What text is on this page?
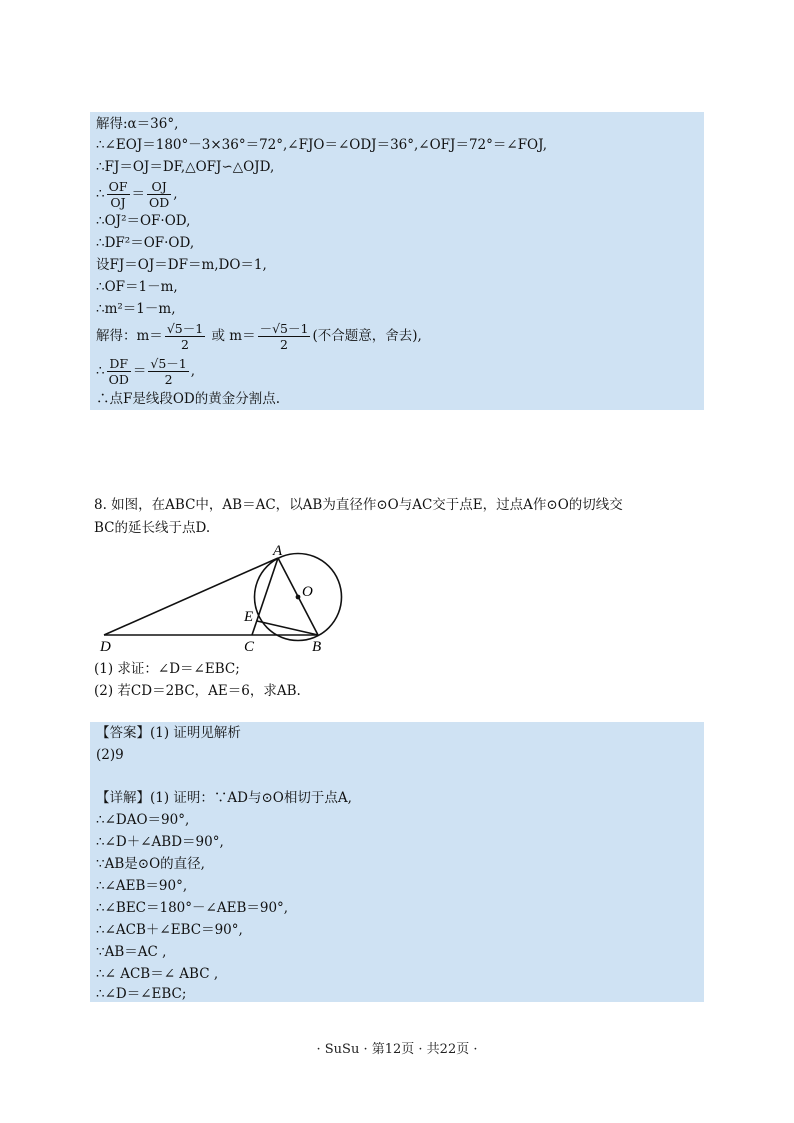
解得:α＝36°,
∴∠EOJ＝180°－3×36°＝72°,∠FJO＝∠ODJ＝36°,∠OFJ＝72°＝∠FOJ,
∴FJ＝OJ＝DF,△OFJ∽△OJD,
∴ $\frac{OF}{OJ} = \frac{OJ}{OD}$ ,
∴OJ²＝OF·OD,
∴DF²＝OF·OD,
设FJ＝OJ＝DF＝m,DO＝1,
∴OF＝1－m,
∴m²＝1－m,
解得：$m= \frac{√5-1}{2}$ 或 $m= \frac{-√5-1}{2}$ (不合题意，舍去),
∴ $\frac{DF}{OD} = \frac{√5-1}{2}$ ,
∴点F是线段OD的黄金分割点.
8. 如图，在ABC中，AB＝AC，以AB为直径作⊙O与AC交于点E，过点A作⊙O的切线交
BC的延长线于点D.
A
O
E
D	C	B
(1) 求证：∠D＝∠EBC;
(2) 若CD＝2BC，AE＝6，求AB.
【答案】(1) 证明见解析
(2)9
【详解】(1) 证明：∵AD与⊙O相切于点A,
∴∠DAO＝90°,
∴∠D＋∠ABD＝90°,
∵AB是⊙O的直径,
∴∠AEB＝90°,
∴∠BEC＝180°－∠AEB＝90°,
∴∠ACB＋∠EBC＝90°,
∵AB＝AC ,
∴∠ ACB＝∠ ABC ,
∴∠D＝∠EBC;
· SuSu · 第12页 · 共22页 ·
